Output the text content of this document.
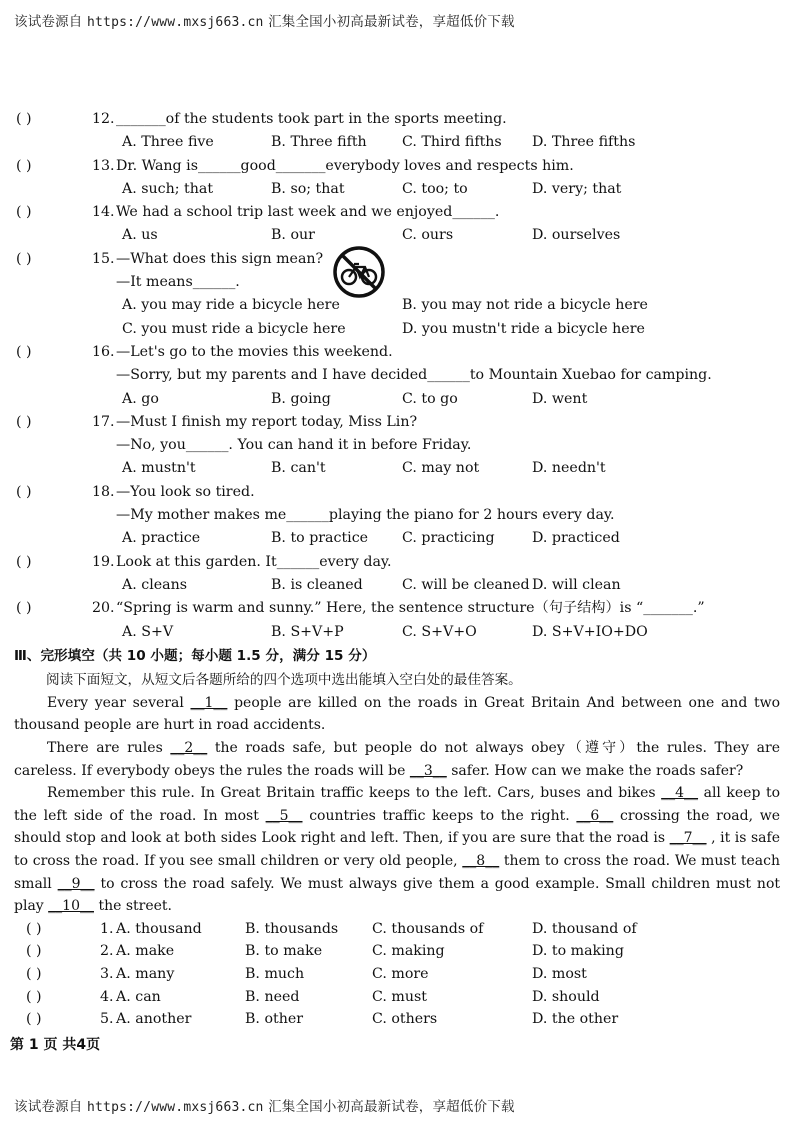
该试卷源自 https://www.mxsj663.cn 汇集全国小初高最新试卷，享超低价下载
( )	12. _______of the students took part in the sports meeting.
A. Three five	B. Three fifth C. Third fifths D. Three fifths
( )	13. Dr. Wang is______good_______everybody loves and respects him.
A. such; that	B. so; that	C. too; to	D. very; that
( )	14. We had a school trip last week and we enjoyed______.
A. us	B. our	C. ours	D. ourselves
( )	15. —What does this sign mean?
—It means______.
A. you may ride a bicycle here	B. you may not ride a bicycle here
C. you must ride a bicycle here	D. you mustn't ride a bicycle here
( )	16. —Let's go to the movies this weekend.
—Sorry, but my parents and I have decided______to Mountain Xuebao for camping.
A. go	B. going	C. to go	D. went
( )	17. —Must I finish my report today, Miss Lin?
—No, you______. You can hand it in before Friday.
A. mustn't	B. can't	C. may not	D. needn't
( )	18. —You look so tired.
—My mother makes me______playing the piano for 2 hours every day.
A. practice	B. to practice C. practicing	D. practiced
( )	19. Look at this garden. It______every day.
A. cleans	B. is cleaned	C. will be cleaned D. will clean
( )	20. “Spring is warm and sunny.” Here, the sentence structure（句子结构）is “_______.”
A. S+V	B. S+V+P	C. S+V+O	D. S+V+IO+DO
Ⅲ、完形填空（共 10 小题；每小题 1.5 分，满分 15 分）
阅读下面短文，从短文后各题所给的四个选项中选出能填入空白处的最佳答案。
Every year several __1__ people are killed on the roads in Great Britain And between one and two thousand people are hurt in road accidents.
There are rules __2__ the roads safe, but people do not always obey（遵守）the rules. They are careless. If everybody obeys the rules the roads will be __3__ safer. How can we make the roads safer?
Remember this rule. In Great Britain traffic keeps to the left. Cars, buses and bikes __4__ all keep to the left side of the road. In most __5__ countries traffic keeps to the right. __6__ crossing the road, we should stop and look at both sides Look right and left. Then, if you are sure that the road is __7__ , it is safe to cross the road. If you see small children or very old people, __8__ them to cross the road. We must teach small __9__ to cross the road safely. We must always give them a good example. Small children must not play __10__ the street.
( )	1. A. thousand	B. thousands C. thousands of	D. thousand of
( )	2. A. make	B. to make	C. making	D. to making
( )	3. A. many	B. much	C. more	D. most
( )	4. A. can	B. need	C. must	D. should
( )	5. A. another	B. other	C. others	D. the other
第 1 页 共4页
该试卷源自 https://www.mxsj663.cn 汇集全国小初高最新试卷，享超低价下载
